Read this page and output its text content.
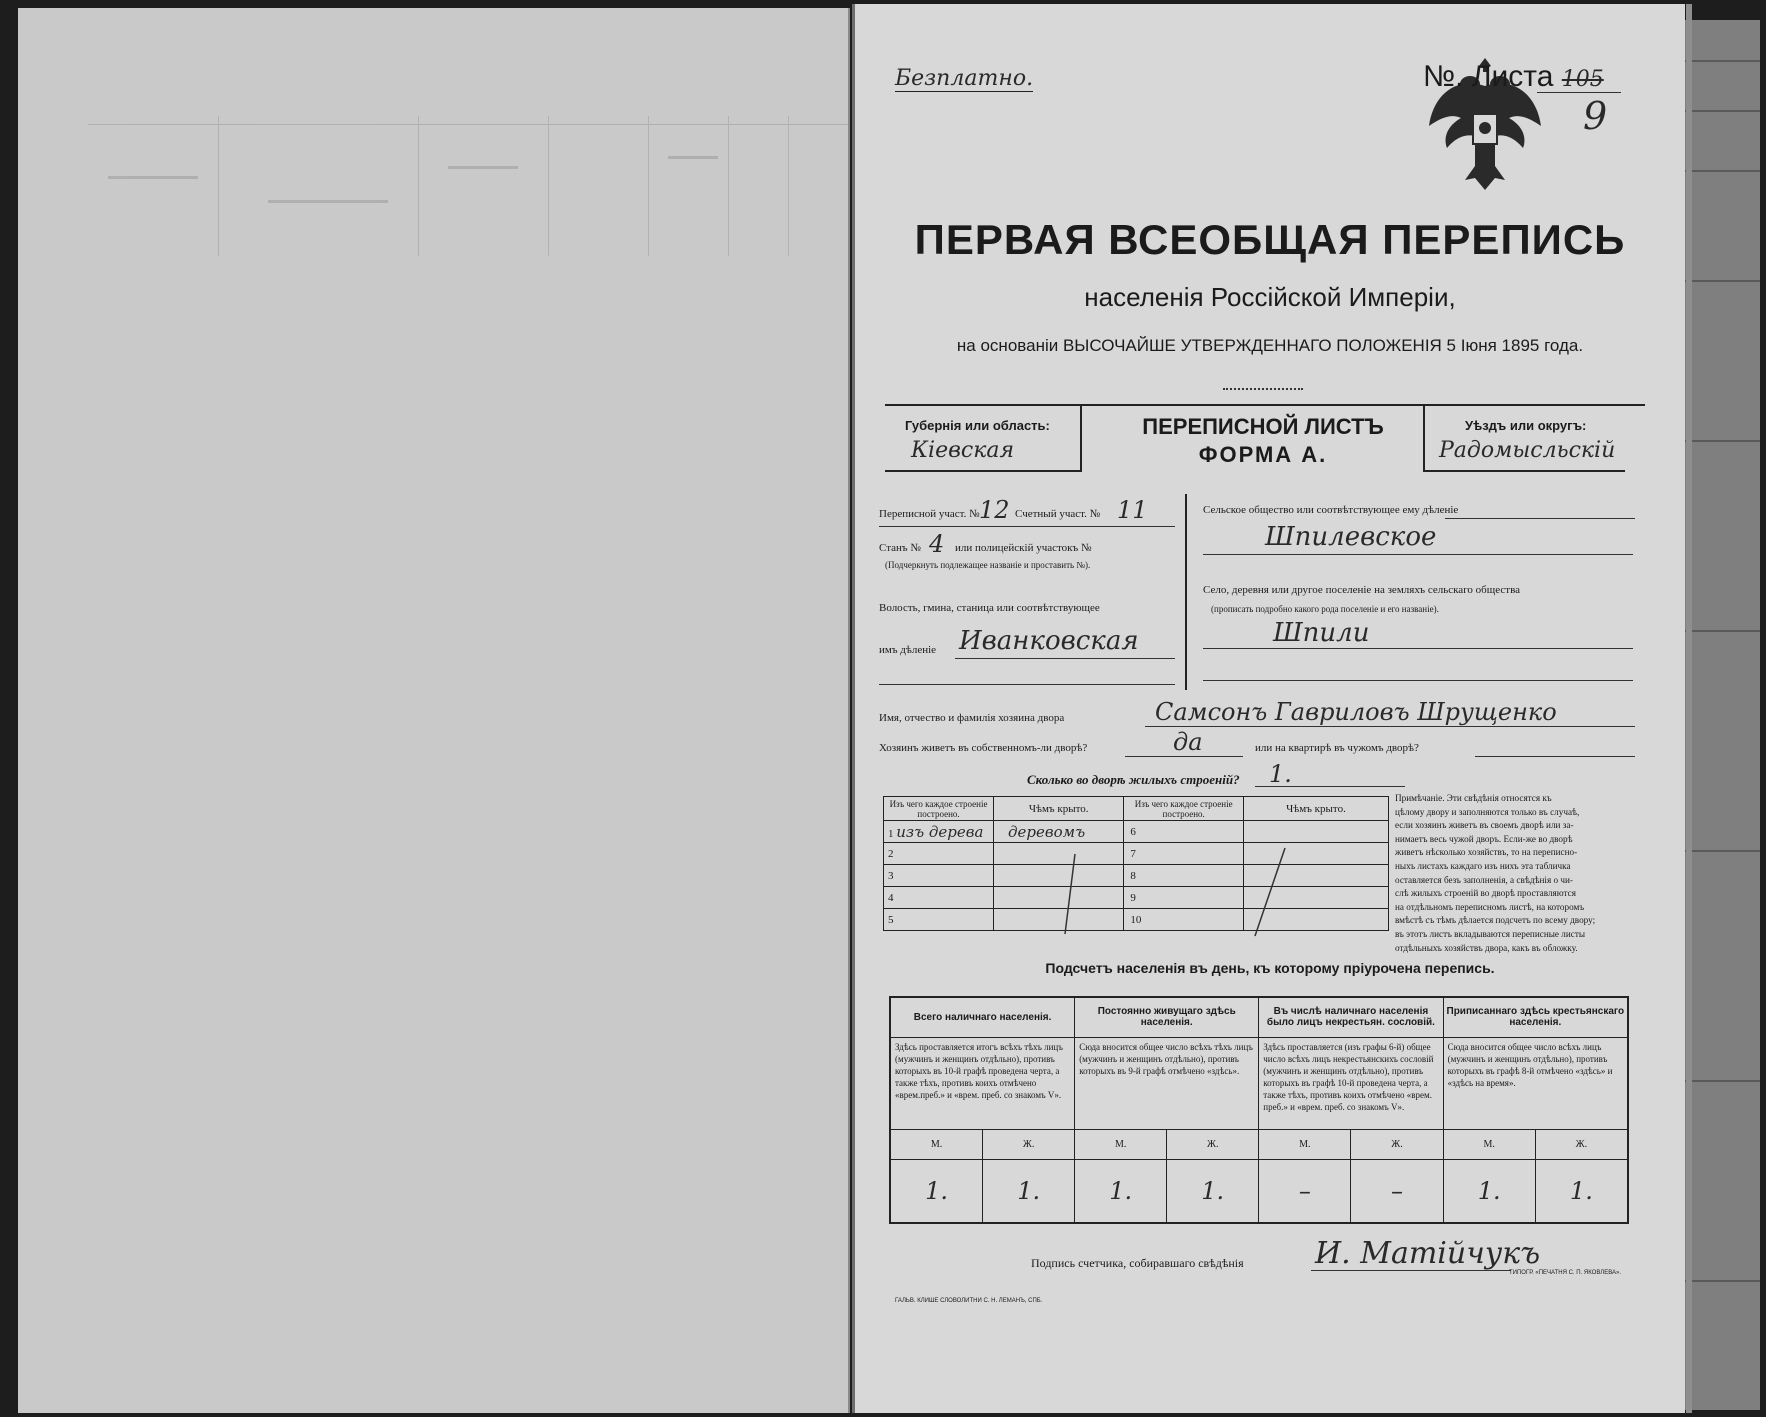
Безплатно.	№. Листа 105
9
ПЕРВАЯ ВСЕОБЩАЯ ПЕРЕПИСЬ
населенія Россійской Имперіи,
на основаніи ВЫСОЧАЙШЕ УТВЕРЖДЕННАГО ПОЛОЖЕНІЯ 5 Іюня 1895 года.
Губернія или область:
Кіевская
ПЕРЕПИСНОЙ ЛИСТЪ
ФОРМА А.
Уѣздъ или округъ:
Радомысльскій
Переписной участ. № 12 Счетный участ. № 11
Станъ № 4 или полицейскій участокъ №
(Подчеркнуть подлежащее названіе и проставить №).
Волость, гмина, станица или соотвѣтствующее
имъ дѣленіе Иванковская
Сельское общество или соотвѣтствующее ему дѣленіе
Шпилевское
Село, деревня или другое поселеніе на земляхъ сельскаго общества
(прописать подробно какого рода поселеніе и его названіе).
Шпили
Имя, отчество и фамилія хозяина двора	Самсонъ Гавриловъ Шрущенко
Хозяинъ живетъ въ собственномъ-ли дворѣ?	да	или на квартирѣ въ чужомъ дворѣ?
Сколько во дворѣ жилыхъ строеній? 1.
Изъ чего каждое строеніе построено.	Чѣмъ крыто.	Изъ чего каждое строеніе построено.	Чѣмъ крыто.
1 изъ дерева	деревомъ	6	
2		7	
3		8	
4		9	
5		10	
Примѣчаніе. Эти свѣдѣнія относятся къ
цѣлому двору и заполняются только въ случаѣ,
если хозяинъ живетъ въ своемъ дворѣ или за-
нимаетъ весь чужой дворъ. Если-же во дворѣ
живетъ нѣсколько хозяйствъ, то на переписно-
ныхъ листахъ каждаго изъ нихъ эта табличка
оставляется безъ заполненія, а свѣдѣнія о чи-
слѣ жилыхъ строеній во дворѣ проставляются
на отдѣльномъ переписномъ листѣ, на которомъ
вмѣстѣ съ тѣмъ дѣлается подсчетъ по всему двору;
въ этотъ листъ вкладываются переписные листы
отдѣльныхъ хозяйствъ двора, какъ въ обложку.
Подсчетъ населенія въ день, къ которому пріурочена перепись.
Всего наличнаго населенія.		Постоянно живущаго здѣсь населенія.		Въ числѣ наличнаго населенія было лицъ некрестьян. сословій.		Приписаннаго здѣсь крестьянскаго населенія.	
Здѣсь проставляется итогъ всѣхъ тѣхъ лицъ (мужчинъ и женщинъ отдѣльно), противъ которыхъ въ 10-й графѣ проведена черта, а также тѣхъ, противъ коихъ отмѣчено «врем.преб.» и «врем. преб. со знакомъ V».		Сюда вносится общее число всѣхъ тѣхъ лицъ (мужчинъ и женщинъ отдѣльно), противъ которыхъ въ 9-й графѣ отмѣчено «здѣсь».		Здѣсь проставляется (изъ графы 6-й) общее число всѣхъ лицъ некрестьянскихъ сословій (мужчинъ и женщинъ отдѣльно), противъ которыхъ въ графѣ 10-й проведена черта, а также тѣхъ, противъ коихъ отмѣчено «врем. преб.» и «врем. преб. со знакомъ V».		Сюда вносится общее число всѣхъ лицъ (мужчинъ и женщинъ отдѣльно), противъ которыхъ въ графѣ 8-й отмѣчено «здѣсь» и «здѣсь на время».	
М.	Ж.	М.	Ж.	М.	Ж.	М.	Ж.
1.	1.	1.	1.	–	–	1.	1.
Подпись счетчика, собиравшаго свѣдѣнія И. Матійчукъ
ГАЛЬВ. КЛИШЕ СЛОВОЛИТНИ С. Н. ЛЕМАНЪ, СПБ.
ТИПОГР. «ПЕЧАТНЯ С. П. ЯКОВЛЕВА».
